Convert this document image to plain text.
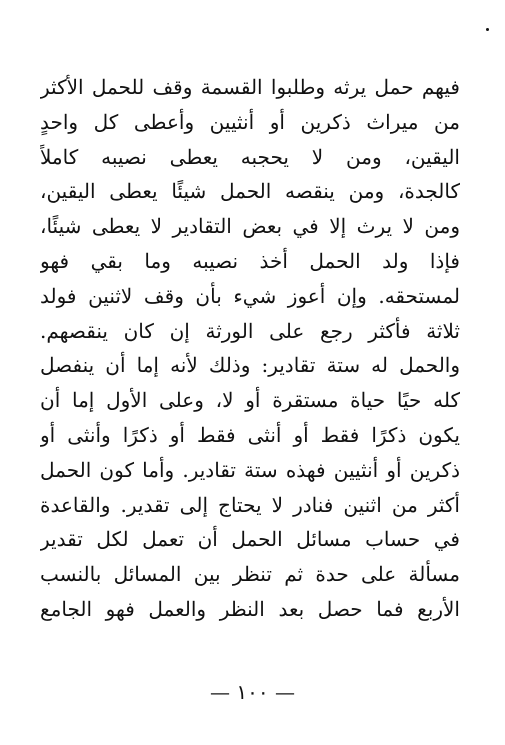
فيهم حمل يرثه وطلبوا القسمة وقف للحمل الأكثر
من ميراث ذكرين أو أنثيين وأعطى كل واحدٍ
اليقين، ومن لا يحجبه يعطى نصيبه كاملاً
كالجدة، ومن ينقصه الحمل شيئًا يعطى اليقين،
ومن لا يرث إلا في بعض التقادير لا يعطى شيئًا،
فإذا ولد الحمل أخذ نصيبه وما بقي فهو
لمستحقه. وإن أعوز شيء بأن وقف لاثنين فولد
ثلاثة فأكثر رجع على الورثة إن كان ينقصهم.
والحمل له ستة تقادير: وذلك لأنه إما أن ينفصل
كله حيًا حياة مستقرة أو لا، وعلى الأول إما أن
يكون ذكرًا فقط أو أنثى فقط أو ذكرًا وأنثى أو
ذكرين أو أنثيين فهذه ستة تقادير. وأما كون الحمل
أكثر من اثنين فنادر لا يحتاج إلى تقدير. والقاعدة
في حساب مسائل الحمل أن تعمل لكل تقدير
مسألة على حدة ثم تنظر بين المسائل بالنسب
الأربع فما حصل بعد النظر والعمل فهو الجامع
— ١٠٠ —
